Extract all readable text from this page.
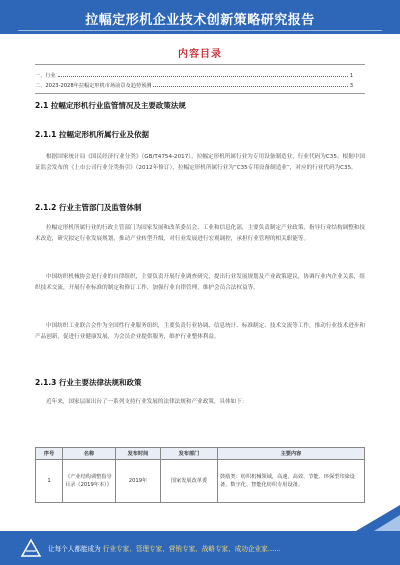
拉幅定形机企业技术创新策略研究报告
内容目录
一、行业	1
二、2023-2028年拉幅定形机市场前景及趋势预测	3
2.1 拉幅定形机行业监管情况及主要政策法规
2.1.1 拉幅定形机所属行业及依据
根据国家统计局《国民经济行业分类》（GB/T4754-2017），拉幅定形机所属行业为专用设备制造业，行业代码为C35。根据中国证监会发布的《上市公司行业分类指引》（2012年修订），拉幅定形机所属行业为“C35专用设备制造业”，对应的行业代码为C35。
2.1.2 行业主管部门及监管体制
拉幅定形机所属行业的行政主管部门为国家发展和改革委员会、工业和信息化部，主要负责制定产业政策，指导行业结构调整和技术改造，研究拟定行业发展规划，推动产业转型升级，对行业发展进行宏观调控，承担行业管理的相关职能等。
中国纺织机械协会是行业的自律组织，主要负责开展行业调查研究，提出行业发展规划及产业政策建议，协调行业内企业关系，组织技术交流，开展行业标准的制定和修订工作，加强行业自律管理，维护会员合法权益等。
中国纺织工业联合会作为全国性行业服务组织，主要负责行业协调、信息统计、标准制定、技术交流等工作，推动行业技术进步和产品创新，促进行业健康发展，为会员企业提供服务，维护行业整体利益。
2.1.3 行业主要法律法规和政策
近年来，国家层面出台了一系列支持行业发展的法律法规和产业政策，具体如下：
序号	名称	发布时间	发布部门	主要内容
1	《产业结构调整指导目录（2019年本）》	2019年	国家发展改革委	鼓励类：纺织机械领域，高速、高效、节能、环保型印染设备，数字化、智能化纺织专用设备。
让每个人都能成为 行业专家、管理专家、营销专家、战略专家、成功企业家……
